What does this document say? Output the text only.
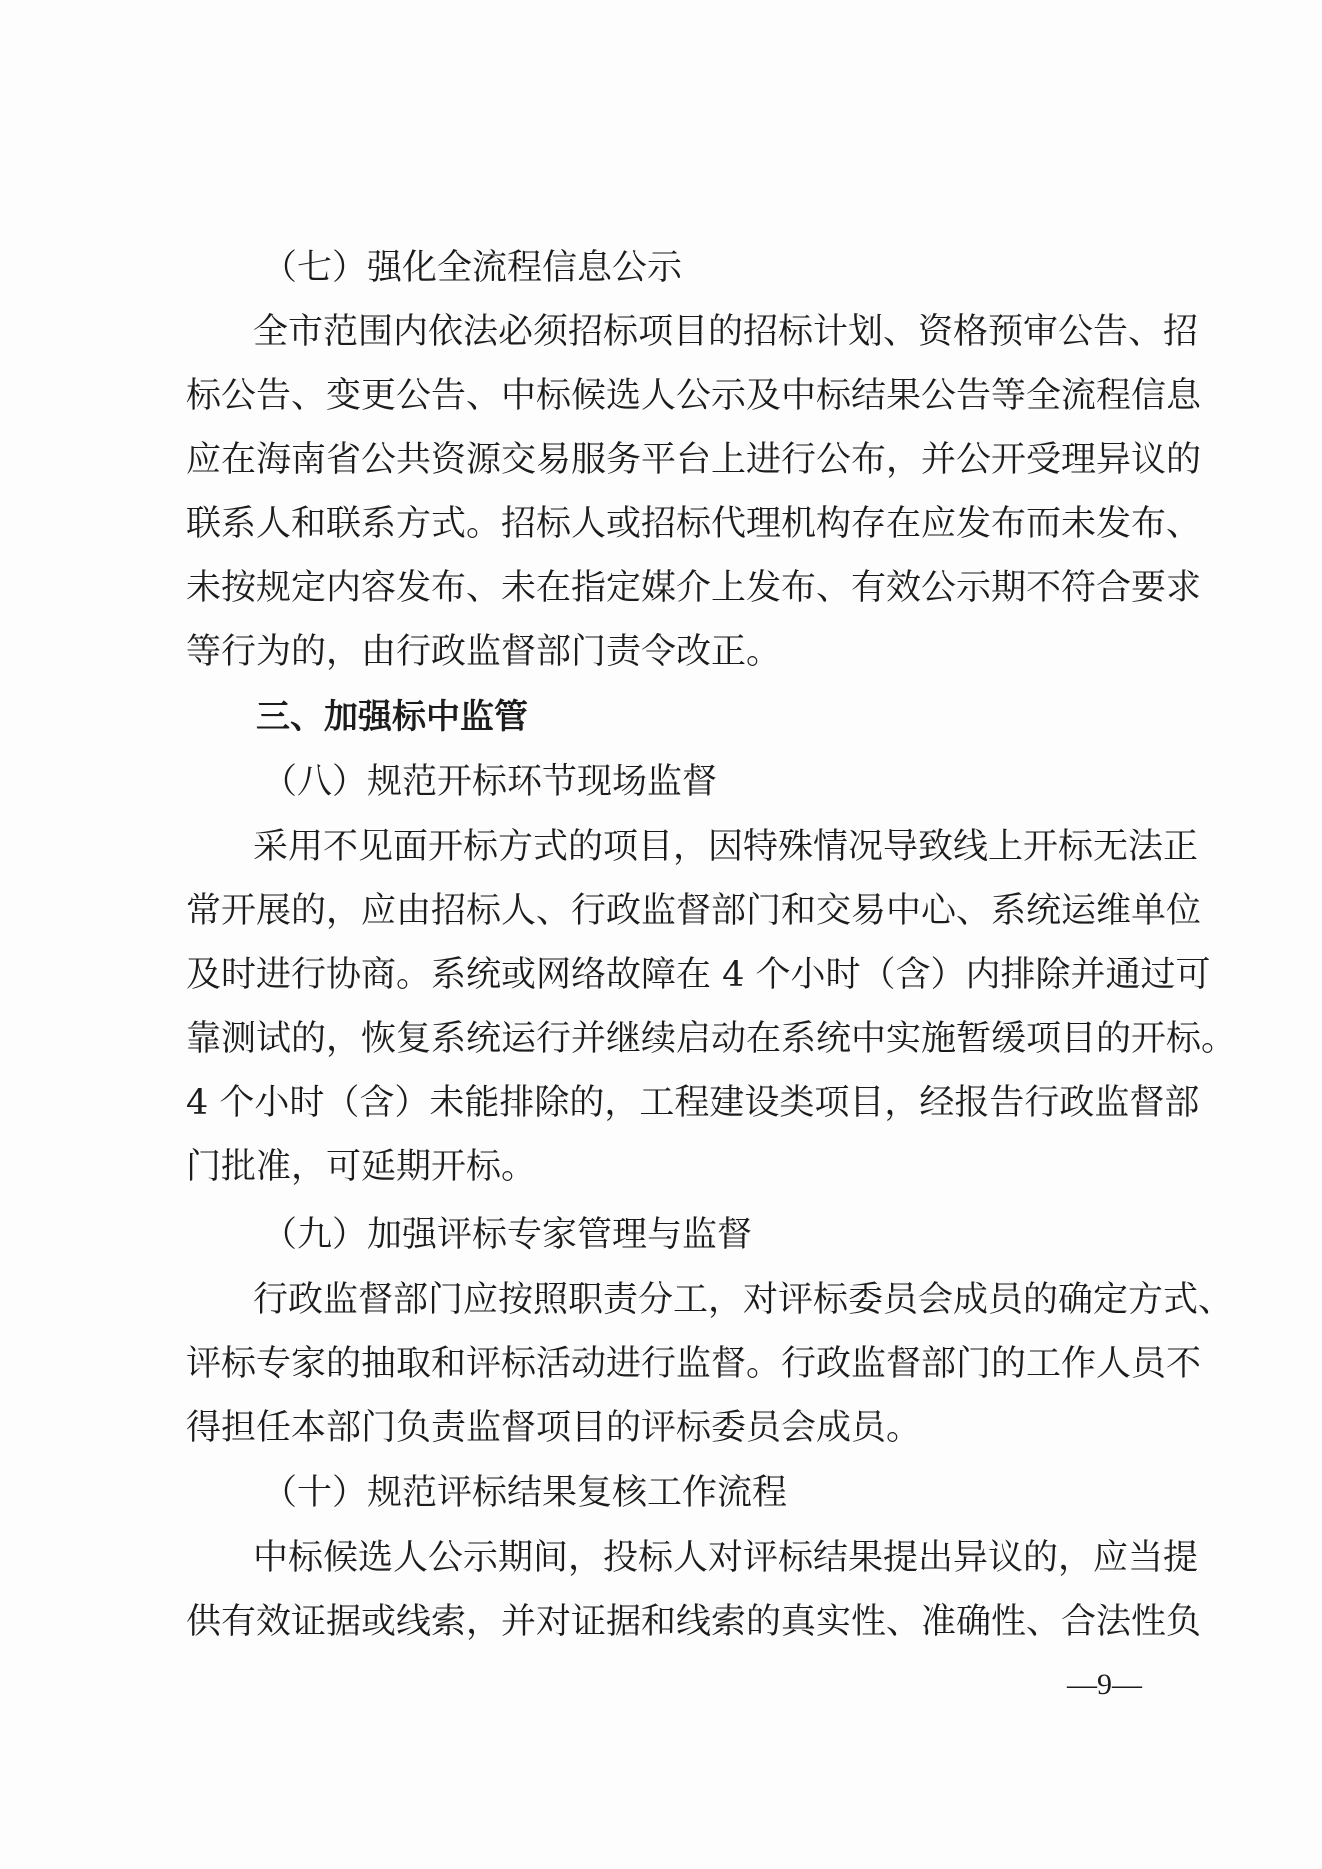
（七）强化全流程信息公示
全市范围内依法必须招标项目的招标计划、资格预审公告、招
标公告、变更公告、中标候选人公示及中标结果公告等全流程信息
应在海南省公共资源交易服务平台上进行公布，并公开受理异议的
联系人和联系方式。招标人或招标代理机构存在应发布而未发布、
未按规定内容发布、未在指定媒介上发布、有效公示期不符合要求
等行为的，由行政监督部门责令改正。
三、加强标中监管
（八）规范开标环节现场监督
采用不见面开标方式的项目，因特殊情况导致线上开标无法正
常开展的，应由招标人、行政监督部门和交易中心、系统运维单位
及时进行协商。系统或网络故障在 4 个小时（含）内排除并通过可
靠测试的，恢复系统运行并继续启动在系统中实施暂缓项目的开标。
4 个小时（含）未能排除的，工程建设类项目，经报告行政监督部
门批准，可延期开标。
（九）加强评标专家管理与监督
行政监督部门应按照职责分工，对评标委员会成员的确定方式、
评标专家的抽取和评标活动进行监督。行政监督部门的工作人员不
得担任本部门负责监督项目的评标委员会成员。
（十）规范评标结果复核工作流程
中标候选人公示期间，投标人对评标结果提出异议的，应当提
供有效证据或线索，并对证据和线索的真实性、准确性、合法性负
—9—
